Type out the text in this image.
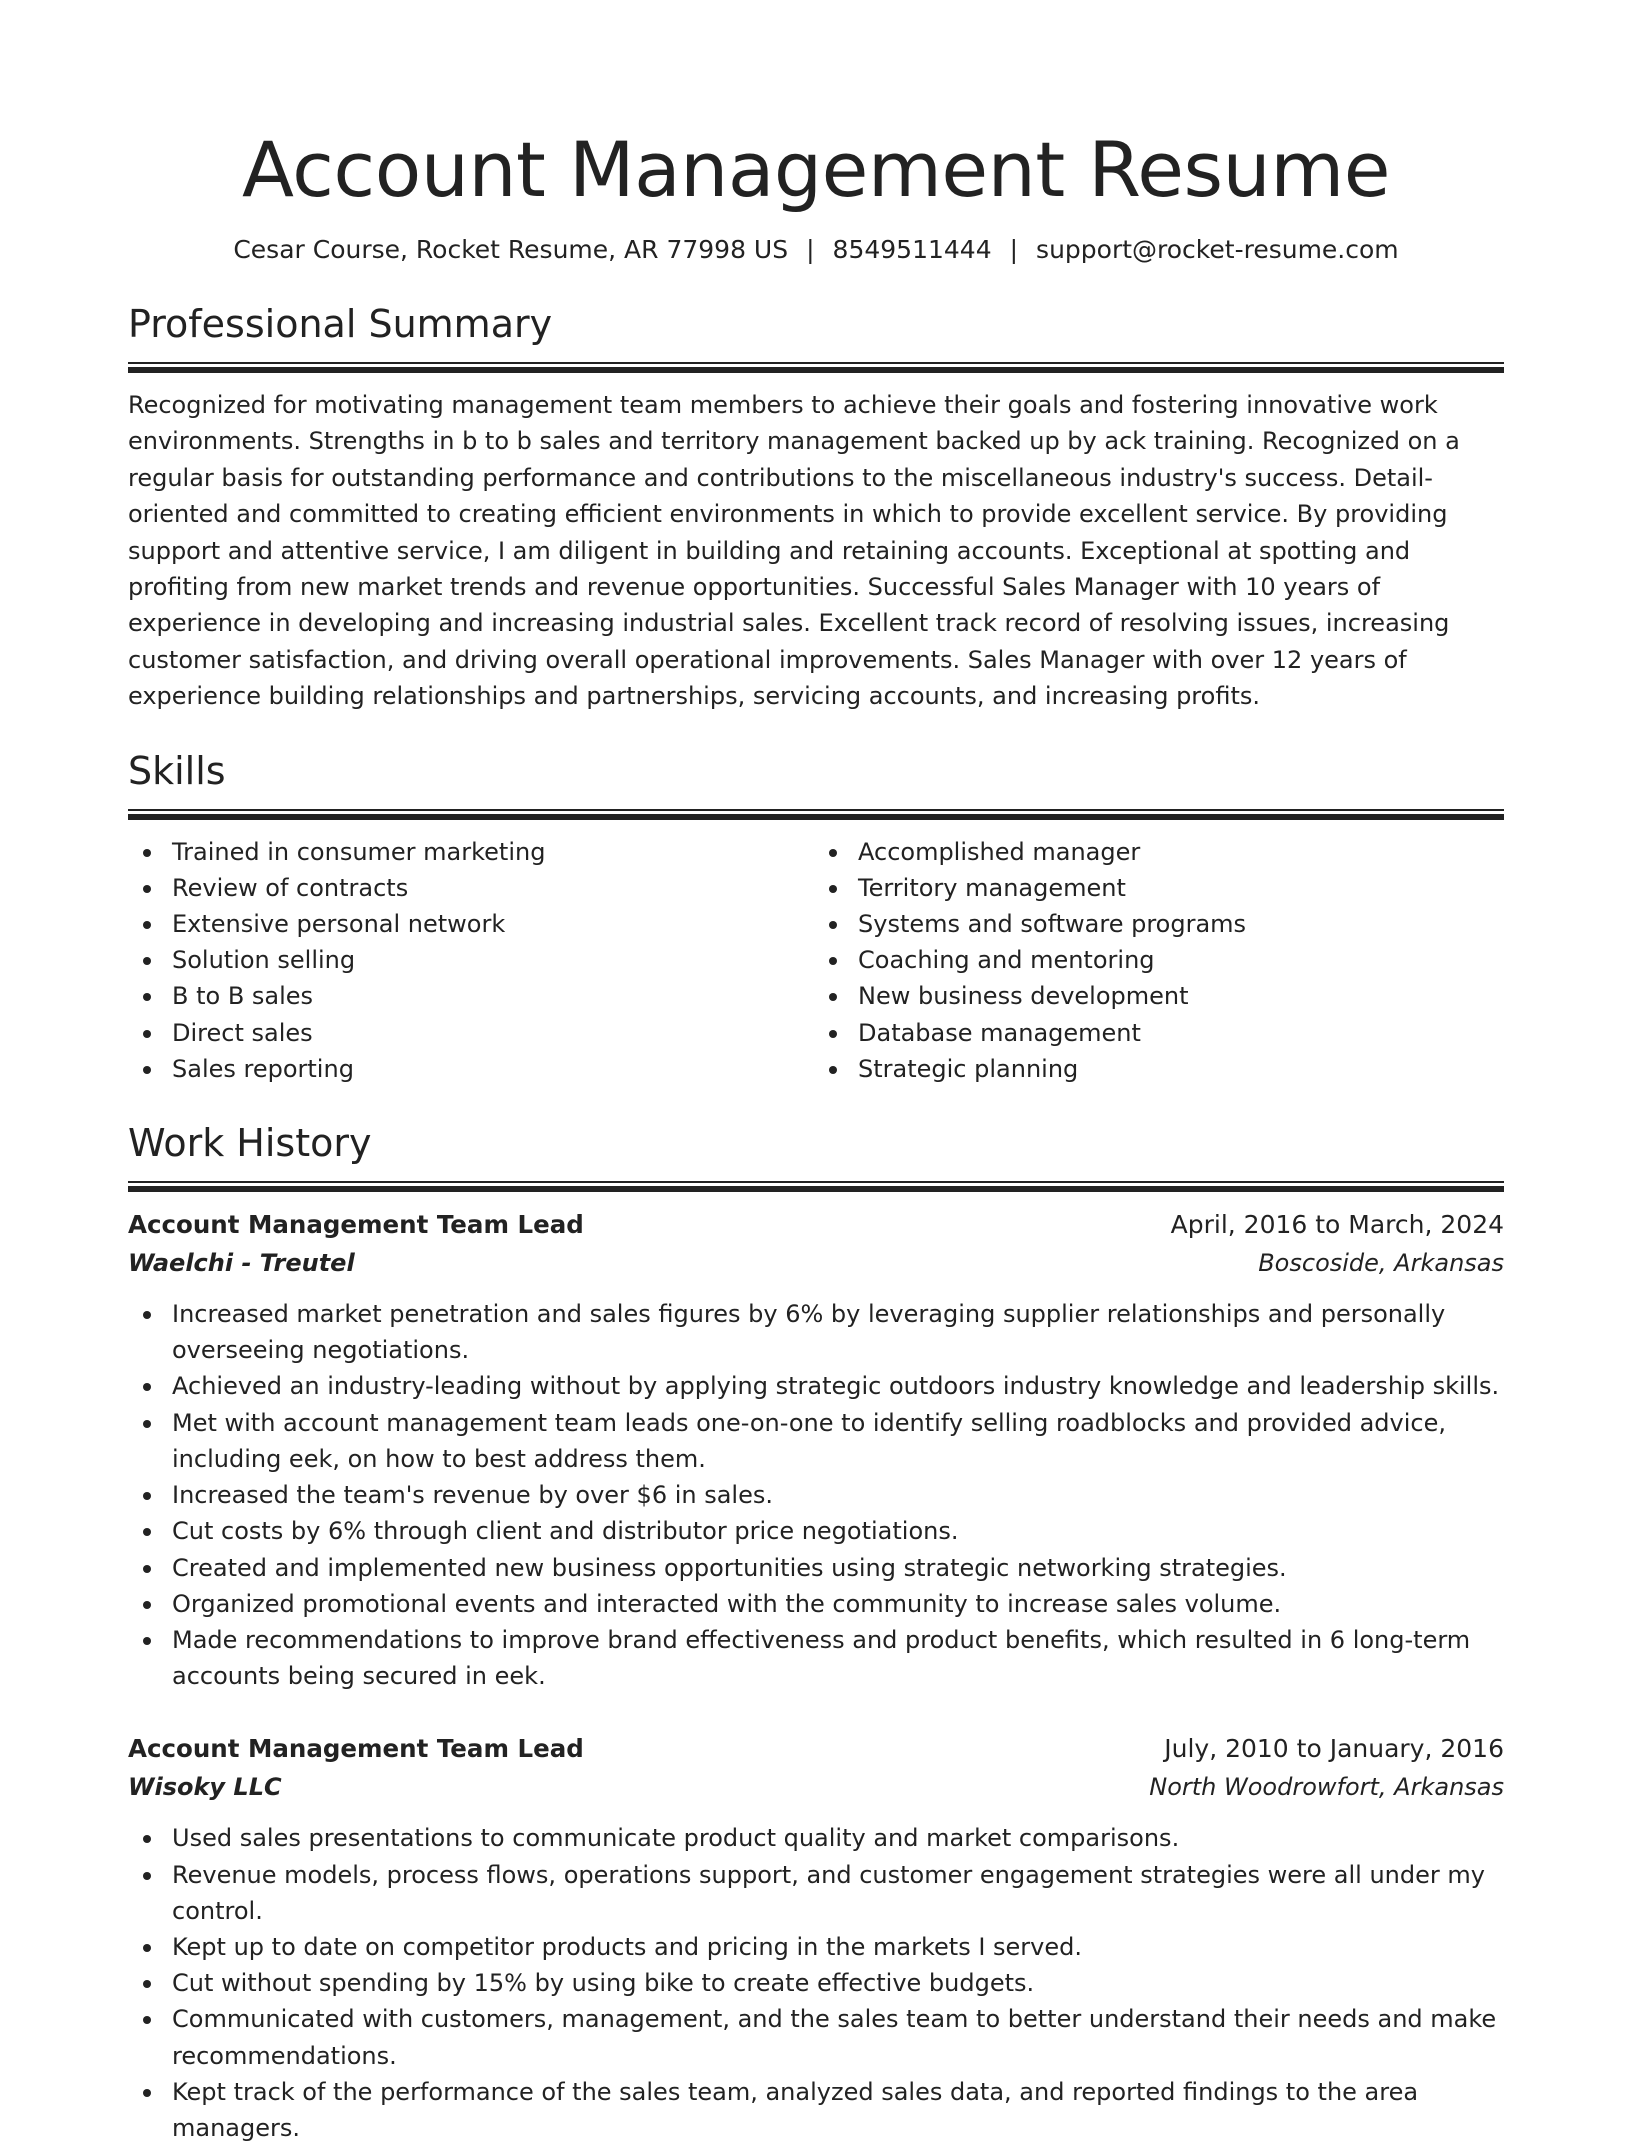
Account Management Resume
Cesar Course, Rocket Resume, AR 77998 US | 8549511444 | support@rocket-resume.com
Professional Summary

Recognized for motivating management team members to achieve their goals and fostering innovative work environments. Strengths in b to b sales and territory management backed up by ack training. Recognized on a regular basis for outstanding performance and contributions to the miscellaneous industry's success. Detail-oriented and committed to creating efficient environments in which to provide excellent service. By providing support and attentive service, I am diligent in building and retaining accounts. Exceptional at spotting and profiting from new market trends and revenue opportunities. Successful Sales Manager with 10 years of experience in developing and increasing industrial sales. Excellent track record of resolving issues, increasing customer satisfaction, and driving overall operational improvements. Sales Manager with over 12 years of experience building relationships and partnerships, servicing accounts, and increasing profits.

Skills
Trained in consumer marketing
Review of contracts
Extensive personal network
Solution selling
B to B sales
Direct sales
Sales reporting
Accomplished manager
Territory management
Systems and software programs
Coaching and mentoring
New business development
Database management
Strategic planning
Work History
Account Management Team Lead	April, 2016 to March, 2024
Waelchi - Treutel	Boscoside, Arkansas
Increased market penetration and sales figures by 6% by leveraging supplier relationships and personally overseeing negotiations.
Achieved an industry-leading without by applying strategic outdoors industry knowledge and leadership skills.
Met with account management team leads one-on-one to identify selling roadblocks and provided advice, including eek, on how to best address them.
Increased the team's revenue by over $6 in sales.
Cut costs by 6% through client and distributor price negotiations.
Created and implemented new business opportunities using strategic networking strategies.
Organized promotional events and interacted with the community to increase sales volume.
Made recommendations to improve brand effectiveness and product benefits, which resulted in 6 long-term accounts being secured in eek.
Account Management Team Lead	July, 2010 to January, 2016
Wisoky LLC	North Woodrowfort, Arkansas
Used sales presentations to communicate product quality and market comparisons.
Revenue models, process flows, operations support, and customer engagement strategies were all under my control.
Kept up to date on competitor products and pricing in the markets I served.
Cut without spending by 15% by using bike to create effective budgets.
Communicated with customers, management, and the sales team to better understand their needs and make recommendations.
Kept track of the performance of the sales team, analyzed sales data, and reported findings to the area managers.
